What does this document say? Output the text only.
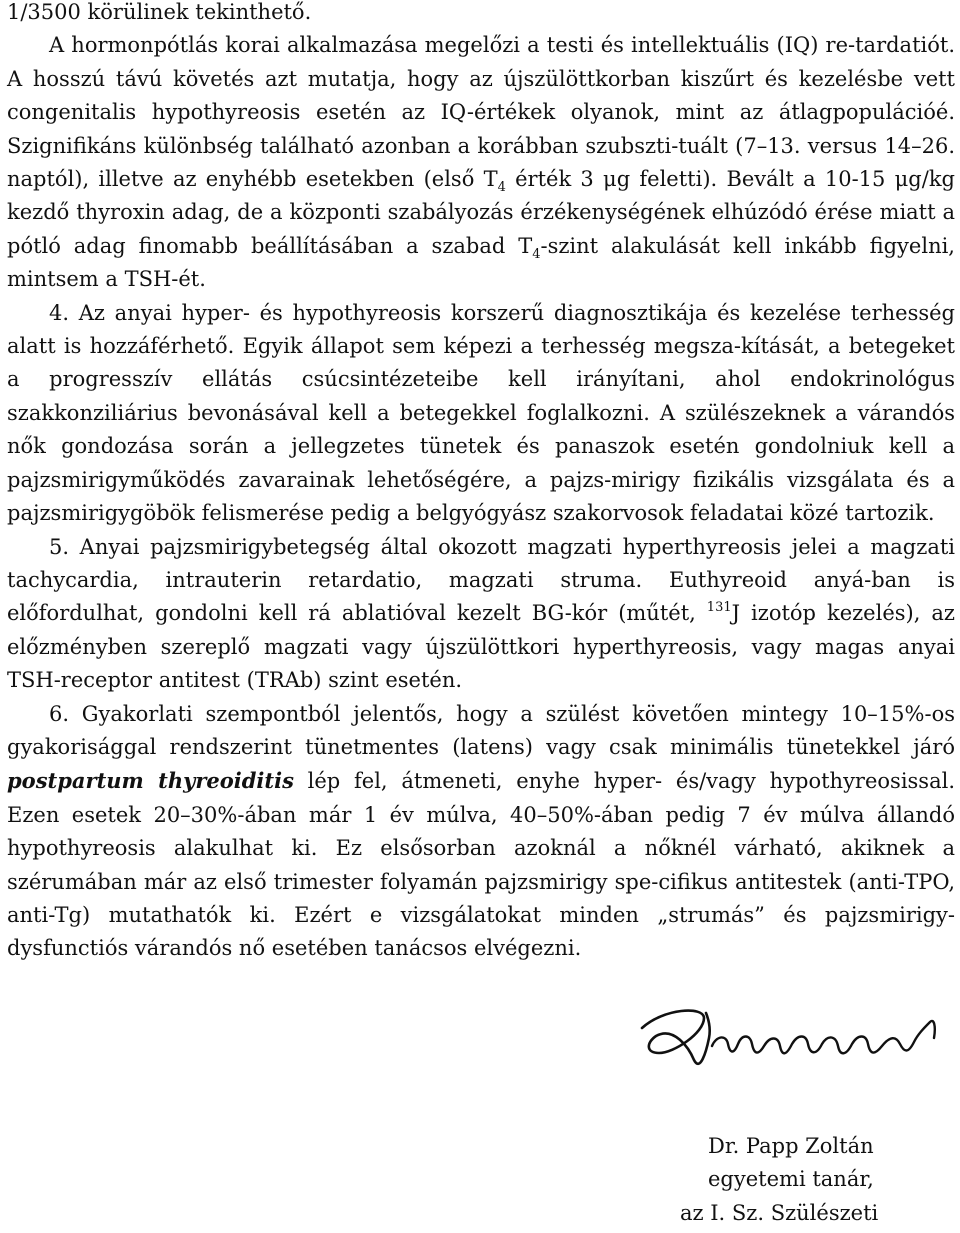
1/3500 körülinek tekinthető.

A hormonpótlás korai alkalmazása megelőzi a testi és intellektuális (IQ) re-tardatiót. A hosszú távú követés azt mutatja, hogy az újszülöttkorban kiszűrt és kezelésbe vett congenitalis hypothyreosis esetén az IQ-értékek olyanok, mint az átlagpopulációé. Szignifikáns különbség található azonban a korábban szubszti-tuált (7–13. versus 14–26. naptól), illetve az enyhébb esetekben (első $T_4$ érték 3 μg feletti). Bevált a 10-15 μg/kg kezdő thyroxin adag, de a központi szabályozás érzékenységének elhúzódó érése miatt a pótló adag finomabb beállításában a szabad $T_4$-szint alakulását kell inkább figyelni, mintsem a TSH-ét.

4. Az anyai hyper- és hypothyreosis korszerű diagnosztikája és kezelése terhesség alatt is hozzáférhető. Egyik állapot sem képezi a terhesség megsza-kítását, a betegeket a progresszív ellátás csúcsintézeteibe kell irányítani, ahol endokrinológus szakkonziliárius bevonásával kell a betegekkel foglalkozni. A szülészeknek a várandós nők gondozása során a jellegzetes tünetek és panaszok esetén gondolniuk kell a pajzsmirigyműködés zavarainak lehetőségére, a pajzs-mirigy fizikális vizsgálata és a pajzsmirigygöbök felismerése pedig a belgyógyász szakorvosok feladatai közé tartozik.

5. Anyai pajzsmirigybetegség által okozott magzati hyperthyreosis jelei a magzati tachycardia, intrauterin retardatio, magzati struma. Euthyreoid anyá-ban is előfordulhat, gondolni kell rá ablatióval kezelt BG-kór (műtét, $^{131}$J izotóp kezelés), az előzményben szereplő magzati vagy újszülöttkori hyperthyreosis, vagy magas anyai TSH-receptor antitest (TRAb) szint esetén.

6. Gyakorlati szempontból jelentős, hogy a szülést követően mintegy 10–15%-os gyakorisággal rendszerint tünetmentes (latens) vagy csak minimális tünetekkel járó postpartum thyreoiditis lép fel, átmeneti, enyhe hyper- és/vagy hypothyreosissal. Ezen esetek 20–30%-ában már 1 év múlva, 40–50%-ában pedig 7 év múlva állandó hypothyreosis alakulhat ki. Ez elsősorban azoknál a nőknél várható, akiknek a szérumában már az első trimester folyamán pajzsmirigy spe-cifikus antitestek (anti-TPO, anti-Tg) mutathatók ki. Ezért e vizsgálatokat minden „strumás” és pajzsmirigy-dysfunctiós várandós nő esetében tanácsos elvégezni.

Dr. Papp Zoltán
egyetemi tanár,
az I. Sz. Szülészeti
